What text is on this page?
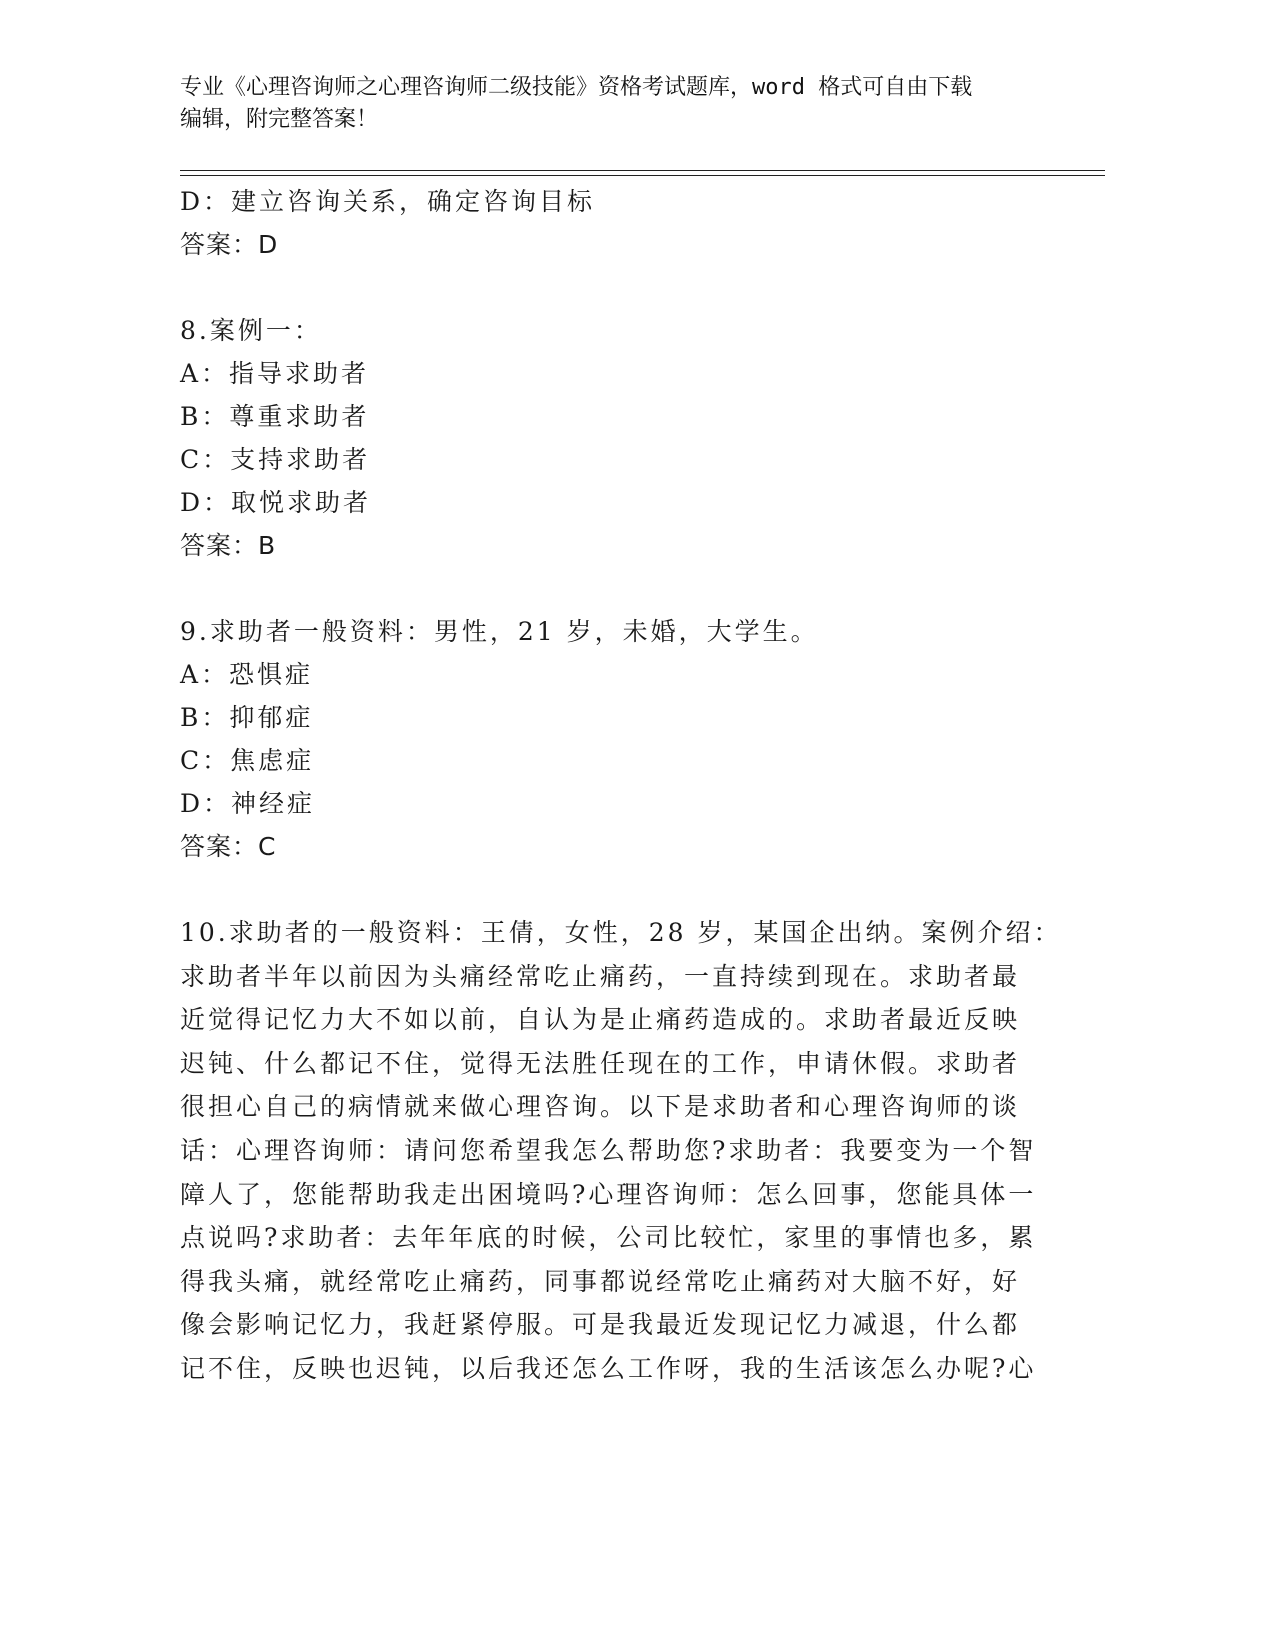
专业《心理咨询师之心理咨询师二级技能》资格考试题库，word 格式可自由下载
编辑，附完整答案！
D：建立咨询关系，确定咨询目标
答案：D
8.案例一：
A：指导求助者
B：尊重求助者
C：支持求助者
D：取悦求助者
答案：B
9.求助者一般资料：男性，21 岁，未婚，大学生。
A：恐惧症
B：抑郁症
C：焦虑症
D：神经症
答案：C
10.求助者的一般资料：王倩，女性，28 岁，某国企出纳。案例介绍：
求助者半年以前因为头痛经常吃止痛药，一直持续到现在。求助者最
近觉得记忆力大不如以前，自认为是止痛药造成的。求助者最近反映
迟钝、什么都记不住，觉得无法胜任现在的工作，申请休假。求助者
很担心自己的病情就来做心理咨询。以下是求助者和心理咨询师的谈
话：心理咨询师：请问您希望我怎么帮助您?求助者：我要变为一个智
障人了，您能帮助我走出困境吗?心理咨询师：怎么回事，您能具体一
点说吗?求助者：去年年底的时候，公司比较忙，家里的事情也多，累
得我头痛，就经常吃止痛药，同事都说经常吃止痛药对大脑不好，好
像会影响记忆力，我赶紧停服。可是我最近发现记忆力减退，什么都
记不住，反映也迟钝，以后我还怎么工作呀，我的生活该怎么办呢?心
